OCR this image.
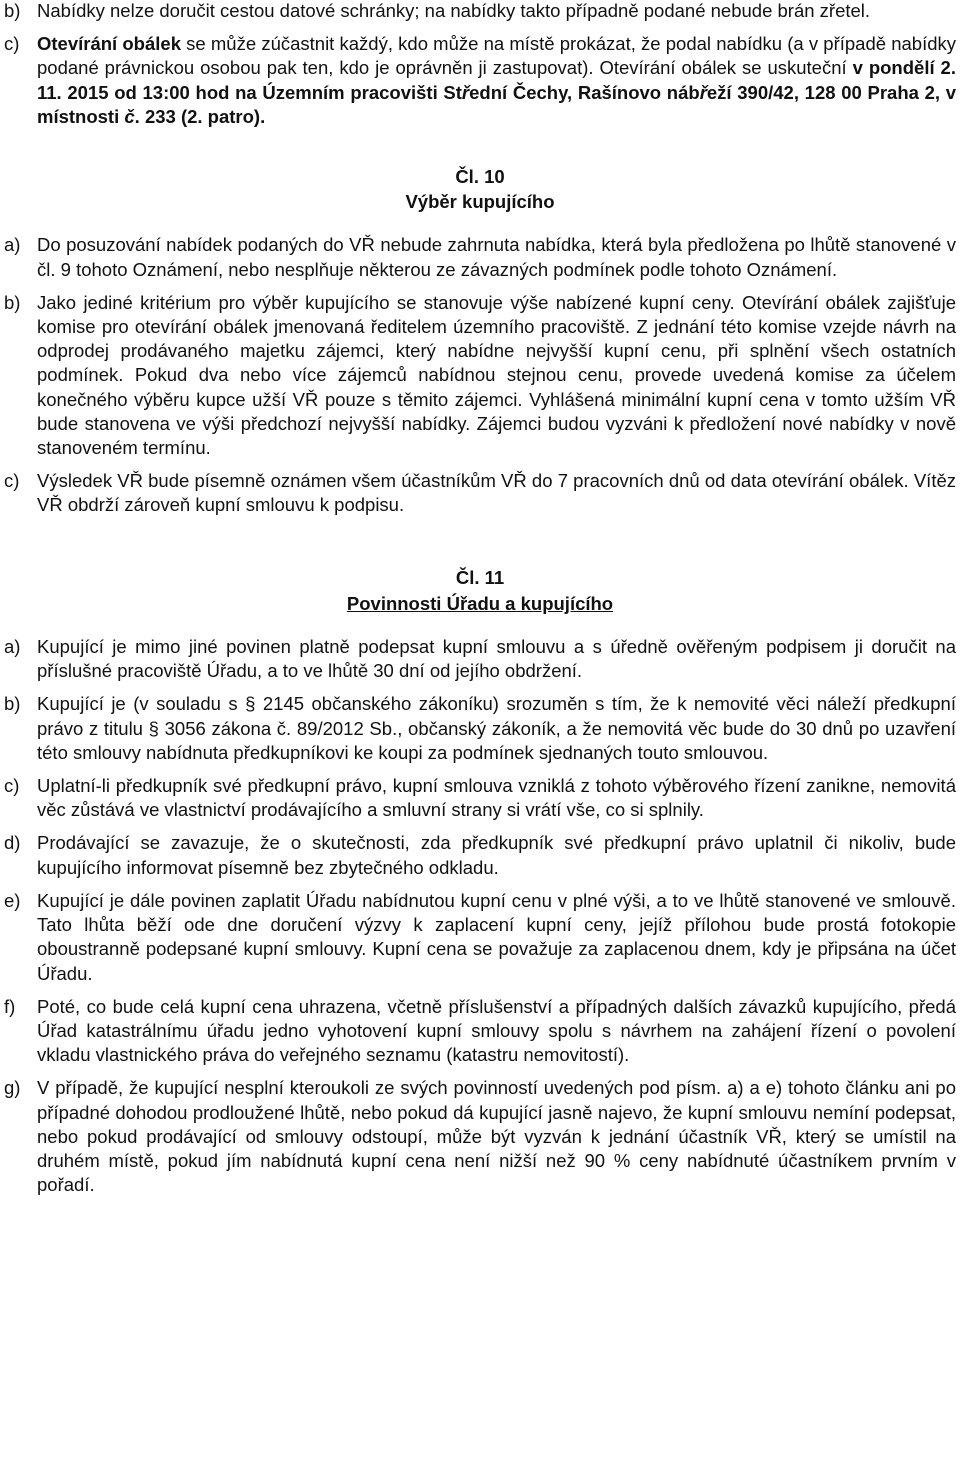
b) Nabídky nelze doručit cestou datové schránky; na nabídky takto případně podané nebude brán zřetel.

c) Otevírání obálek se může zúčastnit každý, kdo může na místě prokázat, že podal nabídku (a v případě nabídky podané právnickou osobou pak ten, kdo je oprávněn ji zastupovat). Otevírání obálek se uskuteční v pondělí 2. 11. 2015 od 13:00 hod na Územním pracovišti Střední Čechy, Rašínovo nábřeží 390/42, 128 00 Praha 2, v místnosti č. 233 (2. patro).

Čl. 10

Výběr kupujícího

a) Do posuzování nabídek podaných do VŘ nebude zahrnuta nabídka, která byla předložena po lhůtě stanovené v čl. 9 tohoto Oznámení, nebo nesplňuje některou ze závazných podmínek podle tohoto Oznámení.

b) Jako jediné kritérium pro výběr kupujícího se stanovuje výše nabízené kupní ceny. Otevírání obálek zajišťuje komise pro otevírání obálek jmenovaná ředitelem územního pracoviště. Z jednání této komise vzejde návrh na odprodej prodávaného majetku zájemci, který nabídne nejvyšší kupní cenu, při splnění všech ostatních podmínek. Pokud dva nebo více zájemců nabídnou stejnou cenu, provede uvedená komise za účelem konečného výběru kupce užší VŘ pouze s těmito zájemci. Vyhlášená minimální kupní cena v tomto užším VŘ bude stanovena ve výši předchozí nejvyšší nabídky. Zájemci budou vyzváni k předložení nové nabídky v nově stanoveném termínu.

c) Výsledek VŘ bude písemně oznámen všem účastníkům VŘ do 7 pracovních dnů od data otevírání obálek. Vítěz VŘ obdrží zároveň kupní smlouvu k podpisu.

Čl. 11

Povinnosti Úřadu a kupujícího

a) Kupující je mimo jiné povinen platně podepsat kupní smlouvu a s úředně ověřeným podpisem ji doručit na příslušné pracoviště Úřadu, a to ve lhůtě 30 dní od jejího obdržení.

b) Kupující je (v souladu s § 2145 občanského zákoníku) srozuměn s tím, že k nemovité věci náleží předkupní právo z titulu § 3056 zákona č. 89/2012 Sb., občanský zákoník, a že nemovitá věc bude do 30 dnů po uzavření této smlouvy nabídnuta předkupníkovi ke koupi za podmínek sjednaných touto smlouvou.

c) Uplatní-li předkupník své předkupní právo, kupní smlouva vzniklá z tohoto výběrového řízení zanikne, nemovitá věc zůstává ve vlastnictví prodávajícího a smluvní strany si vrátí vše, co si splnily.

d) Prodávající se zavazuje, že o skutečnosti, zda předkupník své předkupní právo uplatnil či nikoliv, bude kupujícího informovat písemně bez zbytečného odkladu.

e) Kupující je dále povinen zaplatit Úřadu nabídnutou kupní cenu v plné výši, a to ve lhůtě stanovené ve smlouvě. Tato lhůta běží ode dne doručení výzvy k zaplacení kupní ceny, jejíž přílohou bude prostá fotokopie oboustranně podepsané kupní smlouvy. Kupní cena se považuje za zaplacenou dnem, kdy je připsána na účet Úřadu.

f)	Poté, co bude celá kupní cena uhrazena, včetně příslušenství a případných dalších závazků kupujícího, předá Úřad katastrálnímu úřadu jedno vyhotovení kupní smlouvy spolu s návrhem na zahájení řízení o povolení vkladu vlastnického práva do veřejného seznamu (katastru nemovitostí).

g) V případě, že kupující nesplní kteroukoli ze svých povinností uvedených pod písm. a) a e) tohoto článku ani po případné dohodou prodloužené lhůtě, nebo pokud dá kupující jasně najevo, že kupní smlouvu nemíní podepsat, nebo pokud prodávající od smlouvy odstoupí, může být vyzván k jednání účastník VŘ, který se umístil na druhém místě, pokud jím nabídnutá kupní cena není nižší než 90 % ceny nabídnuté účastníkem prvním v pořadí.
